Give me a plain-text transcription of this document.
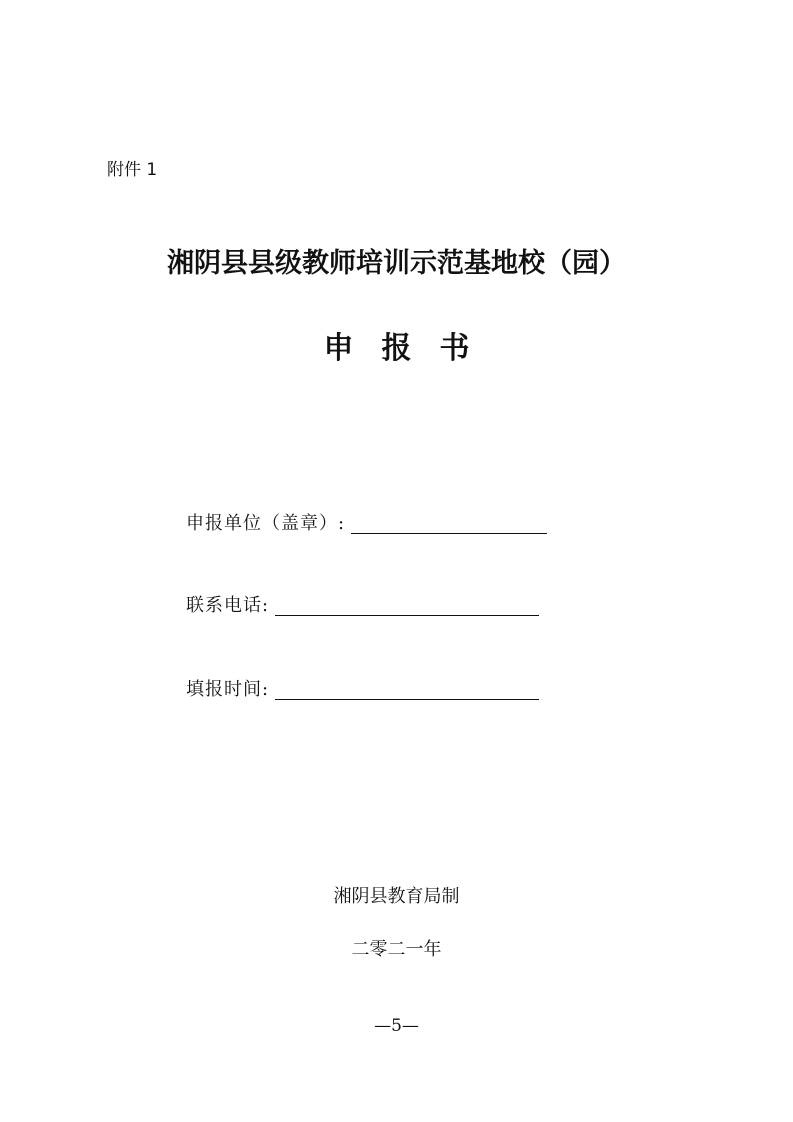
附件 1
湘阴县县级教师培训示范基地校（园）
申报书
申报单位（盖章）:
联系电话:
填报时间:
湘阴县教育局制
二零二一年
—5—
